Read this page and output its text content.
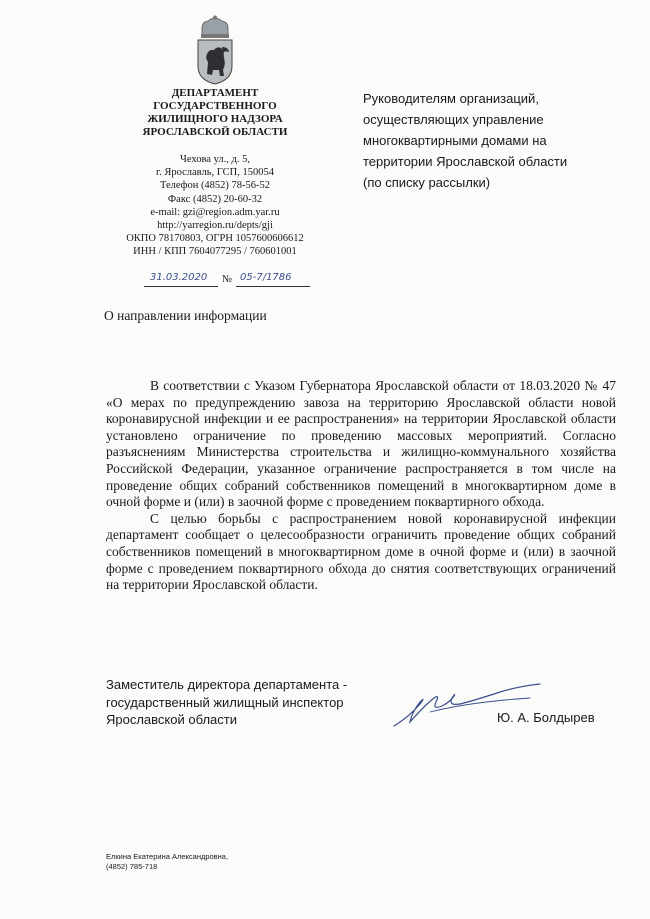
ДЕПАРТАМЕНТ
ГОСУДАРСТВЕННОГО
ЖИЛИЩНОГО НАДЗОРА
ЯРОСЛАВСКОЙ ОБЛАСТИ
Чехова ул., д. 5,
г. Ярославль, ГСП, 150054
Телефон (4852) 78-56-52
Факс (4852) 20-60-32
e-mail: gzi@region.adm.yar.ru
http://yarregion.ru/depts/gji
ОКПО 78170803, ОГРН 1057600606612
ИНН / КПП 7604077295 / 760601001
31.03.2020 № 05-7/1786
Руководителям организаций,
осуществляющих управление
многоквартирными домами на
территории Ярославской области
(по списку рассылки)
О направлении информации

В соответствии с Указом Губернатора Ярославской области от 18.03.2020 № 47 «О мерах по предупреждению завоза на территорию Ярославской области новой коронавирусной инфекции и ее распространения» на территории Ярославской области установлено ограничение по проведению массовых мероприятий. Согласно разъяснениям Министерства строительства и жилищно-коммунального хозяйства Российской Федерации, указанное ограничение распространяется в том числе на проведение общих собраний собственников помещений в многоквартирном доме в очной форме и (или) в заочной форме с проведением поквартирного обхода.

С целью борьбы с распространением новой коронавирусной инфекции департамент сообщает о целесообразности ограничить проведение общих собраний собственников помещений в многоквартирном доме в очной форме и (или) в заочной форме с проведением поквартирного обхода до снятия соответствующих ограничений на территории Ярославской области.

Заместитель директора департамента -
государственный жилищный инспектор
Ярославской области	Ю. А. Болдырев
Елкина Екатерина Александровна,
(4852) 785-718
